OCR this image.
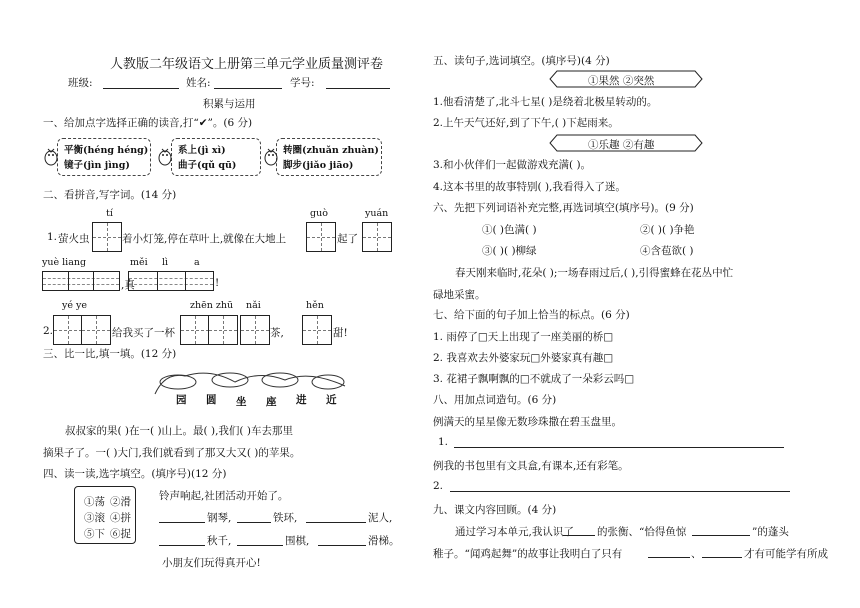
人教版二年级语文上册第三单元学业质量测评卷
班级:	姓名:	学号:
积累与运用
一、给加点字选择正确的读音,打“✔”。(6 分)
平衡(héng héng)
镜子(jìn jìng)
系上(jì xì)
曲子(qǔ qū)
转圈(zhuǎn zhuàn)
脚步(jiǎo jiāo)
二、看拼音,写字词。(14 分)
tí
1. 萤火虫	着小灯笼,停在草叶上,就像在大地上
guò
起了
yuán
yuè liang
,真
měi lì	a
!
yé ye
2.	给我买了一杯
zhēn zhū nǎi
茶,
hěn
甜!
三、比一比,填一填。(12 分)
园 圆 坐 座 进 近
叔叔家的果( )在一( )山上。最( ),我们( )车去那里
摘果子了。一( )大门,我们就看到了那又大又( )的苹果。
四、读一读,选字填空。(填序号)(12 分)
①荡 ②滑
③滚 ④拼
⑤下 ⑥捉
铃声响起,社团活动开始了。
钢琴,	铁环,	泥人,
秋千,	围棋,	滑梯。
小朋友们玩得真开心!
五、读句子,选词填空。(填序号)(4 分)
①果然 ②突然
1.他看清楚了,北斗七星( )是绕着北极星转动的。
2.上午天气还好,到了下午,( )下起雨来。
①乐趣 ②有趣
3.和小伙伴们一起做游戏充满( )。
4.这本书里的故事特别( ),我看得入了迷。
六、先把下列词语补充完整,再选词填空(填序号)。(9 分)
①( )色满( )	②( )( )争艳
③( )( )柳绿	④含苞欲( )
春天刚来临时,花朵( );一场春雨过后,( ),引得蜜蜂在花丛中忙
碌地采蜜。
七、给下面的句子加上恰当的标点。(6 分)
1. 雨停了□天上出现了一座美丽的桥□
2. 我喜欢去外婆家玩□外婆家真有趣□
3. 花裙子飘啊飘的□不就成了一朵彩云吗□
八、用加点词造句。(6 分)
例满天的星星像无数珍珠撒在碧玉盘里。
1.
例我的书包里有文具盒,有课本,还有彩笔。
2.
九、课文内容回顾。(4 分)
通过学习本单元,我认识了 的张衡、“恰得鱼惊	”的蓬头
稚子。“闻鸡起舞”的故事让我明白了只有	、	才有可能学有所成
